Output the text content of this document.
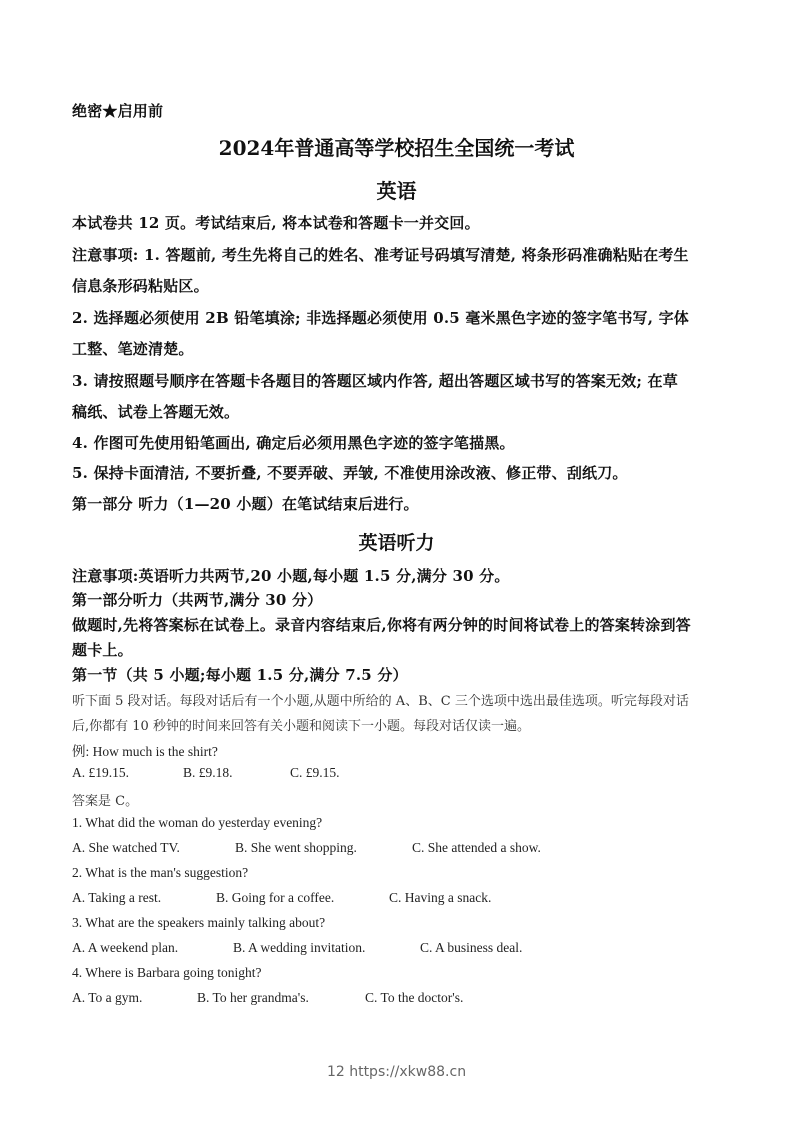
绝密★启用前
2024年普通高等学校招生全国统一考试
英语
本试卷共 12 页。考试结束后, 将本试卷和答题卡一并交回。
注意事项: 1. 答题前, 考生先将自己的姓名、准考证号码填写清楚, 将条形码准确粘贴在考生
信息条形码粘贴区。
2. 选择题必须使用 2B 铅笔填涂; 非选择题必须使用 0.5 毫米黑色字迹的签字笔书写, 字体
工整、笔迹清楚。
3. 请按照题号顺序在答题卡各题目的答题区域内作答, 超出答题区域书写的答案无效; 在草
稿纸、试卷上答题无效。
4. 作图可先使用铅笔画出, 确定后必须用黑色字迹的签字笔描黑。
5. 保持卡面清洁, 不要折叠, 不要弄破、弄皱, 不准使用涂改液、修正带、刮纸刀。
第一部分 听力（1—20 小题）在笔试结束后进行。
英语听力
注意事项:英语听力共两节,20 小题,每小题 1.5 分,满分 30 分。
第一部分听力（共两节,满分 30 分）
做题时,先将答案标在试卷上。录音内容结束后,你将有两分钟的时间将试卷上的答案转涂到答
题卡上。
第一节（共 5 小题;每小题 1.5 分,满分 7.5 分）
听下面 5 段对话。每段对话后有一个小题,从题中所给的 A、B、C 三个选项中选出最佳选项。听完每段对话
后,你都有 10 秒钟的时间来回答有关小题和阅读下一小题。每段对话仅读一遍。
例: How much is the shirt?
A. £19.15.	B. £9.18.	C. £9.15.
答案是 C。
1. What did the woman do yesterday evening?
A. She watched TV.	B. She went shopping.	C. She attended a show.
2. What is the man's suggestion?
A. Taking a rest.	B. Going for a coffee.	C. Having a snack.
3. What are the speakers mainly talking about?
A. A weekend plan.	B. A wedding invitation.	C. A business deal.
4. Where is Barbara going tonight?
A. To a gym.	B. To her grandma's.	C. To the doctor's.
12 https://xkw88.cn
